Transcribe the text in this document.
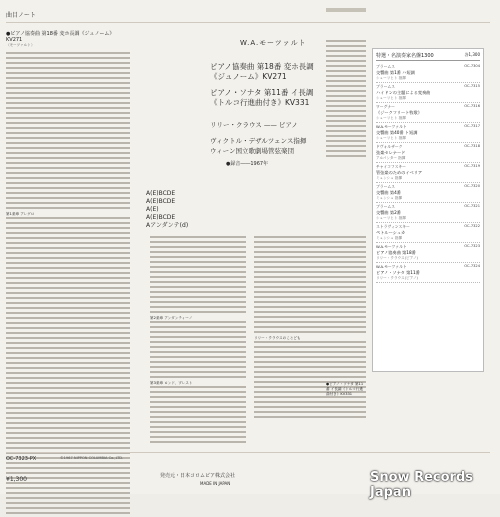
曲目ノート
●ピアノ協奏曲 第18番 変ホ長調《ジュノーム》KV271
〈モーツァルト〉
第1楽章 アレグロ
W.A.モーツァルト
ピアノ協奏曲 第18番 変ホ長調
《ジュノーム》KV271
ピアノ・ソナタ 第11番 イ長調
《トルコ行進曲付き》KV331
リリー・クラウス —— ピアノ
ヴィクトル・デザルツェンス指揮
ウィーン国立歌劇場管弦楽団
●録音――1967年
A(E)BCDE
A(E)BCDE
A(E)
A(E)BCDE
Aアンダンテ(d)
第2楽章 アンダンティーノ
第3楽章 ロンド、プレスト
リリー・クラウスのことども
特選・名演奏家名盤1300	各1,300
OC-7304
ブラームス
交響曲 第1番 ハ短調
シューリヒト 指揮
OC-7315
ブラームス
ハイドンの主題による変奏曲
シューリヒト 指揮
OC-7316
ワーグナー
《ジークフリート牧歌》
シューリヒト 指揮
OC-7317
W.A.モーツァルト
交響曲 第40番 ト短調
シューリヒト 指揮
OC-7318
ドヴォルザーク
弦楽セレナード
アルパンター 指揮
OC-7319
チャイコフスキー
管弦楽のためのイベリア
ミュンシュ 指揮
OC-7320
ブラームス
交響曲 第4番
ミュンシュ 指揮
OC-7321
ブラームス
交響曲 第2番
シューリヒト 指揮
OC-7322
ストラヴィンスキー
ペトルーシュカ
ミュンシュ 指揮
OC-7323
W.A.モーツァルト
ピアノ協奏曲 第18番
リリー・クラウス(ピアノ)
OC-7324
W.A.モーツァルト
ピアノ・ソナタ 第11番
リリー・クラウス(ピアノ)
●ピアノ・ソナタ 第11番 イ長調《トルコ行進曲付き》KV331
OC-7323-PX	©1967 NIPPON COLUMBIA Co.,LTD.
¥1,300	発売元・日本コロムビア株式会社
MADE IN JAPAN	Snow Records Japan
